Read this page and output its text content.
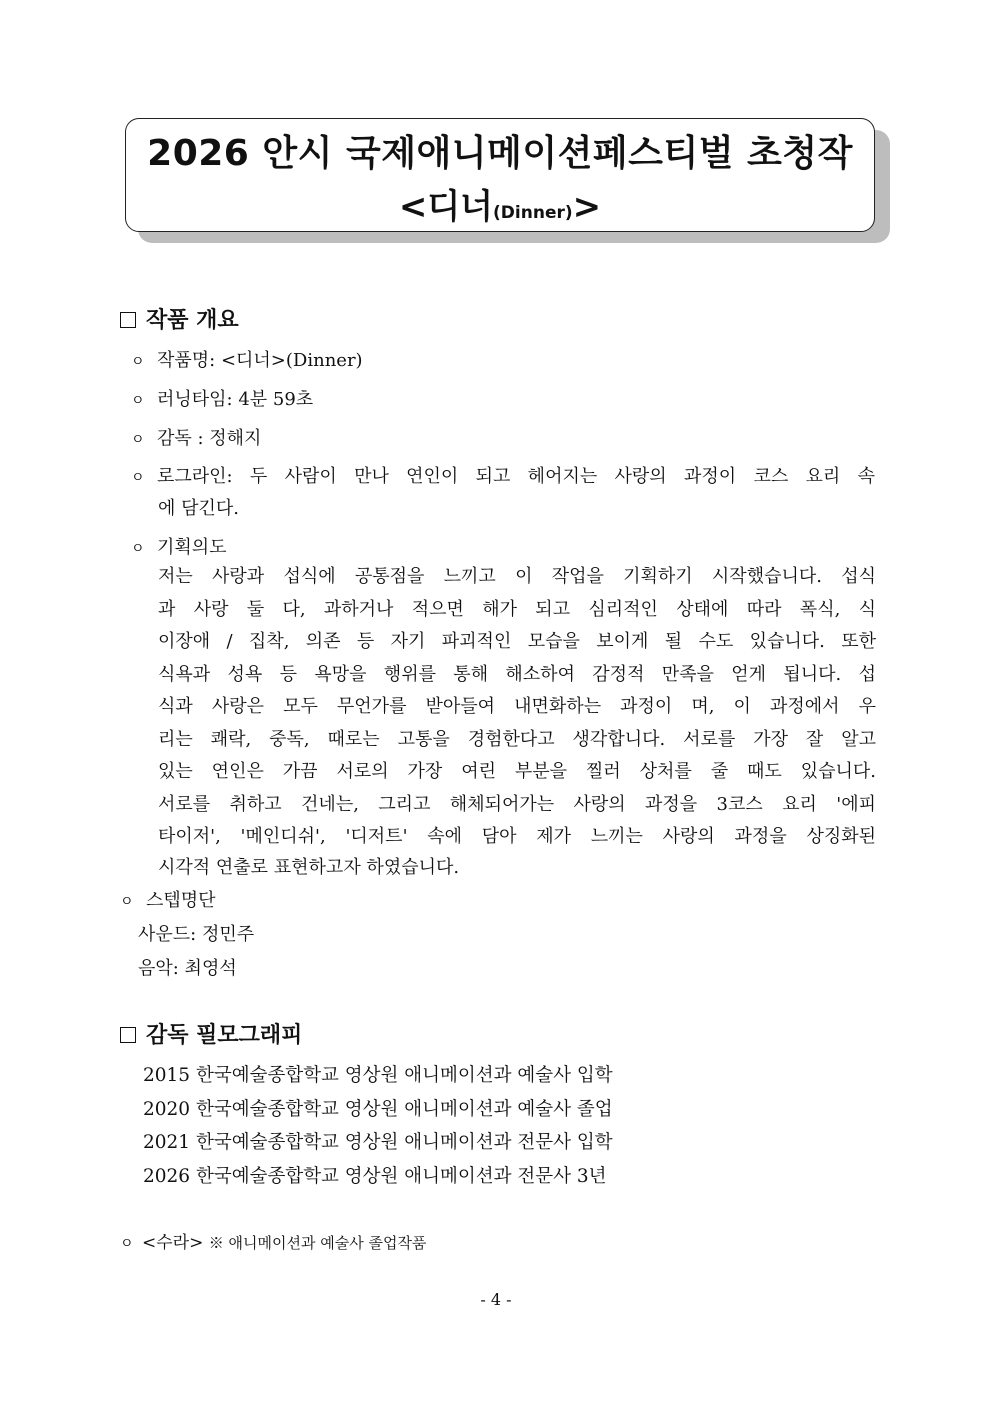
2026 안시 국제애니메이션페스티벌 초청작
<디너(Dinner)>
작품 개요
ㅇ 작품명: <디너>(Dinner)
ㅇ 러닝타임: 4분 59초
ㅇ 감독 : 정해지
ㅇ 로그라인: 두 사람이 만나 연인이 되고 헤어지는 사랑의 과정이 코스 요리 속
에 담긴다.
ㅇ 기획의도
저는 사랑과 섭식에 공통점을 느끼고 이 작업을 기획하기 시작했습니다. 섭식
과 사랑 둘 다, 과하거나 적으면 해가 되고 심리적인 상태에 따라 폭식, 식
이장애 / 집착, 의존 등 자기 파괴적인 모습을 보이게 될 수도 있습니다. 또한
식욕과 성욕 등 욕망을 행위를 통해 해소하여 감정적 만족을 얻게 됩니다. 섭
식과 사랑은 모두 무언가를 받아들여 내면화하는 과정이 며, 이 과정에서 우
리는 쾌락, 중독, 때로는 고통을 경험한다고 생각합니다. 서로를 가장 잘 알고
있는 연인은 가끔 서로의 가장 여린 부분을 찔러 상처를 줄 때도 있습니다.
서로를 취하고 건네는, 그리고 해체되어가는 사랑의 과정을 3코스 요리 '에피
타이저', '메인디쉬', '디저트' 속에 담아 제가 느끼는 사랑의 과정을 상징화된
시각적 연출로 표현하고자 하였습니다.
ㅇ 스텝명단
사운드: 정민주
음악: 최영석
감독 필모그래피
2015 한국예술종합학교 영상원 애니메이션과 예술사 입학
2020 한국예술종합학교 영상원 애니메이션과 예술사 졸업
2021 한국예술종합학교 영상원 애니메이션과 전문사 입학
2026 한국예술종합학교 영상원 애니메이션과 전문사 3년
ㅇ <수라> ※ 애니메이션과 예술사 졸업작품
- 4 -
